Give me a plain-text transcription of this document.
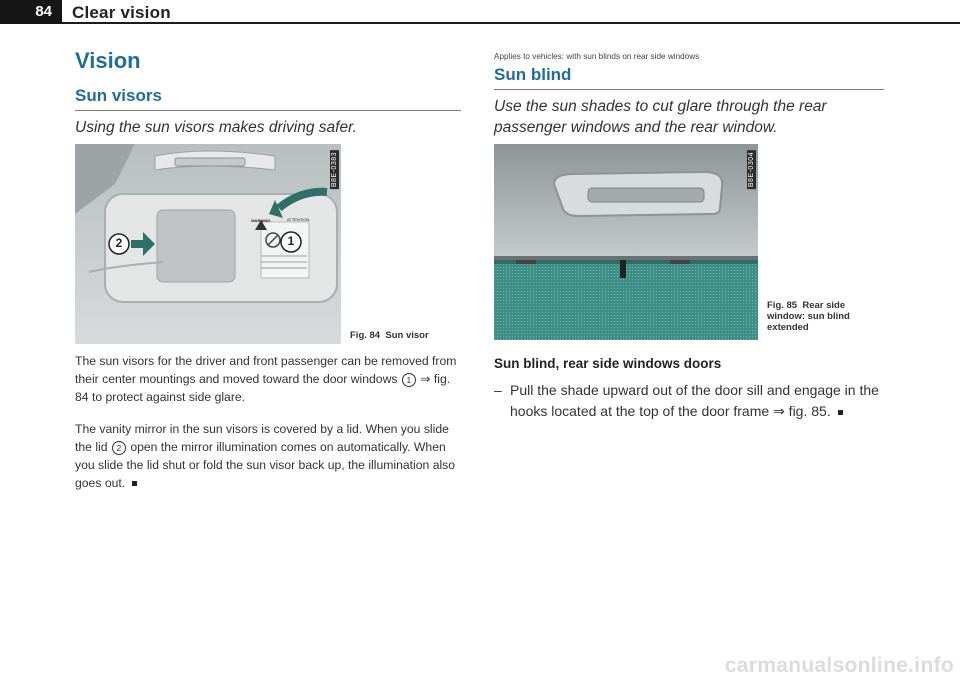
84	Clear vision
Vision
Sun visors
Using the sun visors makes driving safer.
2	1
WARNING	ATTENTION
B8E-0383
Fig. 84 Sun visor
The sun visors for the driver and front passenger can be removed from their center mountings and moved toward the door windows 1 ⇒ fig. 84 to protect against side glare.
The vanity mirror in the sun visors is covered by a lid. When you slide the lid 2 open the mirror illumination comes on automatically. When you slide the lid shut or fold the sun visor back up, the illumination also goes out.
Applies to vehicles: with sun blinds on rear side windows
Sun blind
Use the sun shades to cut glare through the rear passenger windows and the rear window.
B8E-0304
Fig. 85 Rear side window: sun blind extended
Sun blind, rear side windows doors
– Pull the shade upward out of the door sill and engage in the hooks located at the top of the door frame ⇒ fig. 85.
carmanualsonline.info
